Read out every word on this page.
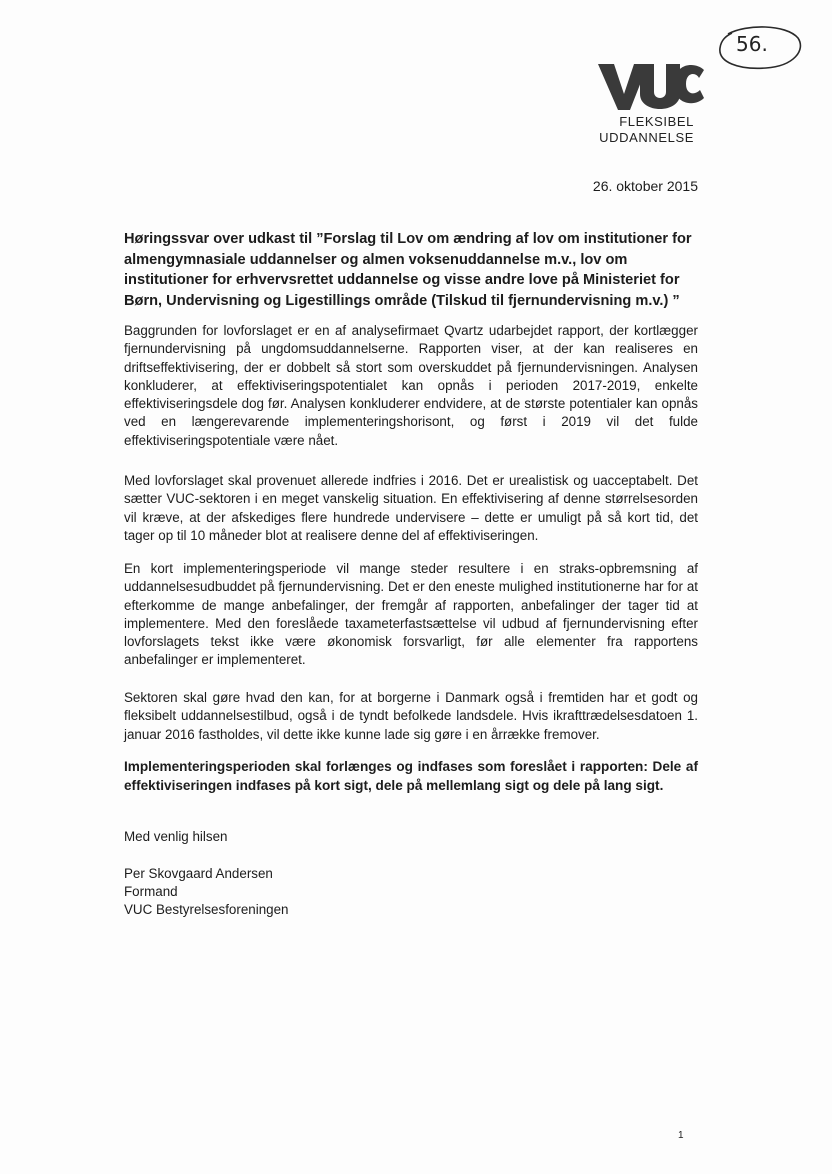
56.
FLEKSIBEL
UDDANNELSE
26. oktober 2015
Høringssvar over udkast til ”Forslag til Lov om ændring af lov om institutioner for almengymnasiale uddannelser og almen voksenuddannelse m.v., lov om institutioner for erhvervsrettet uddannelse og visse andre love på Ministeriet for Børn, Undervisning og Ligestillings område (Tilskud til fjernundervisning m.v.) ”
Baggrunden for lovforslaget er en af analysefirmaet Qvartz udarbejdet rapport, der kortlægger fjernundervisning på ungdomsuddannelserne. Rapporten viser, at der kan realiseres en driftseffektivisering, der er dobbelt så stort som overskuddet på fjernundervisningen. Analysen konkluderer, at effektiviseringspotentialet kan opnås i perioden 2017-2019, enkelte effektiviseringsdele dog før. Analysen konkluderer endvidere, at de største potentialer kan opnås ved en længerevarende implementeringshorisont, og først i 2019 vil det fulde effektiviseringspotentiale være nået.
Med lovforslaget skal provenuet allerede indfries i 2016. Det er urealistisk og uacceptabelt. Det sætter VUC-sektoren i en meget vanskelig situation. En effektivisering af denne størrelsesorden vil kræve, at der afskediges flere hundrede undervisere – dette er umuligt på så kort tid, det tager op til 10 måneder blot at realisere denne del af effektiviseringen.
En kort implementeringsperiode vil mange steder resultere i en straks-opbremsning af uddannelsesudbuddet på fjernundervisning. Det er den eneste mulighed institutionerne har for at efterkomme de mange anbefalinger, der fremgår af rapporten, anbefalinger der tager tid at implementere. Med den foreslåede taxameterfastsættelse vil udbud af fjernundervisning efter lovforslagets tekst ikke være økonomisk forsvarligt, før alle elementer fra rapportens anbefalinger er implementeret.
Sektoren skal gøre hvad den kan, for at borgerne i Danmark også i fremtiden har et godt og fleksibelt uddannelsestilbud, også i de tyndt befolkede landsdele. Hvis ikrafttrædelsesdatoen 1. januar 2016 fastholdes, vil dette ikke kunne lade sig gøre i en årrække fremover.
Implementeringsperioden skal forlænges og indfases som foreslået i rapporten: Dele af effektiviseringen indfases på kort sigt, dele på mellemlang sigt og dele på lang sigt.
Med venlig hilsen
Per Skovgaard Andersen
Formand
VUC Bestyrelsesforeningen
1
